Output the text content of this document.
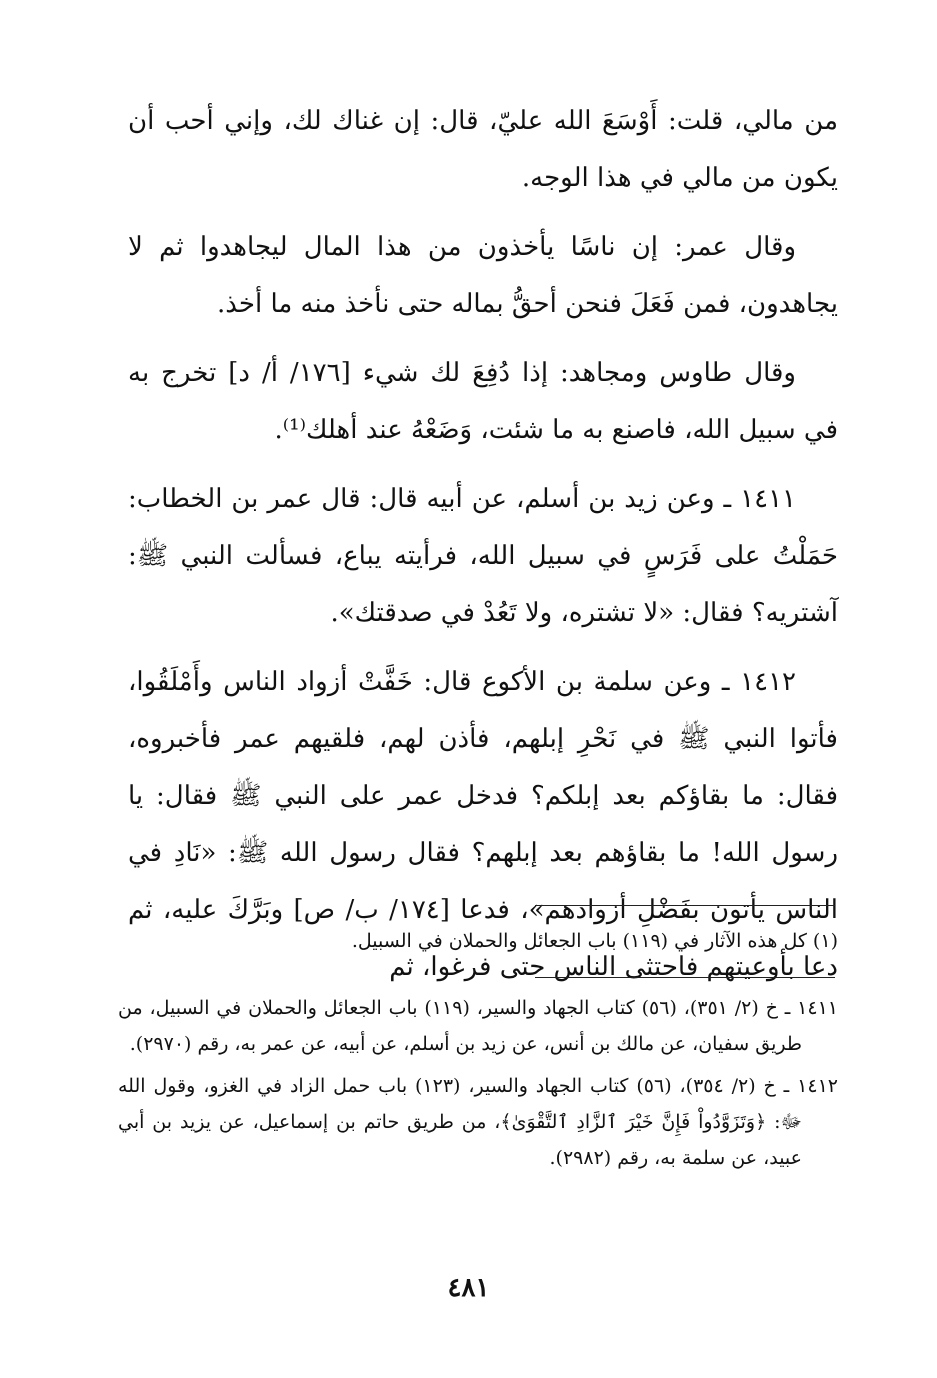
من مالي، قلت: أَوْسَعَ الله عليّ، قال: إن غناك لك، وإني أحب أن يكون من مالي في هذا الوجه.

وقال عمر: إن ناسًا يأخذون من هذا المال ليجاهدوا ثم لا يجاهدون، فمن فَعَلَ فنحن أحقُّ بماله حتى نأخذ منه ما أخذ.

وقال طاوس ومجاهد: إذا دُفِعَ لك شيء [١٧٦/ أ/ د] تخرج به في سبيل الله، فاصنع به ما شئت، وَضَعْهُ عند أهلك⁽¹⁾.

١٤١١ ـ وعن زيد بن أسلم، عن أبيه قال: قال عمر بن الخطاب: حَمَلْتُ على فَرَسٍ في سبيل الله، فرأيته يباع، فسألت النبي ﷺ: آشتريه؟ فقال: «لا تشتره، ولا تَعُدْ في صدقتك».

١٤١٢ ـ وعن سلمة بن الأكوع قال: خَفَّتْ أزواد الناس وأَمْلَقُوا، فأتوا النبي ﷺ في نَحْرِ إبلهم، فأذن لهم، فلقيهم عمر فأخبروه، فقال: ما بقاؤكم بعد إبلكم؟ فدخل عمر على النبي ﷺ فقال: يا رسول الله! ما بقاؤهم بعد إبلهم؟ فقال رسول الله ﷺ: «نَادِ في الناس يأتون بفَضْلِ أزوادهم»، فدعا [١٧٤/ ب/ ص] وبَرَّكَ عليه، ثم دعا بأوعيتهم فاحتثى الناس حتى فرغوا، ثم

(١) كل هذه الآثار في (١١٩) باب الجعائل والحملان في السبيل.

١٤١١ ـ خ (٢/ ٣٥١)، (٥٦) كتاب الجهاد والسير، (١١٩) باب الجعائل والحملان في السبيل، من طريق سفيان، عن مالك بن أنس، عن زيد بن أسلم، عن أبيه، عن عمر به، رقم (٢٩٧٠).

١٤١٢ ـ خ (٢/ ٣٥٤)، (٥٦) كتاب الجهاد والسير، (١٢٣) باب حمل الزاد في الغزو، وقول الله ﷻ: ﴿وَتَزَوَّدُواْ فَإِنَّ خَيْرَ ٱلزَّادِ ٱلتَّقْوَىٰ﴾، من طريق حاتم بن إسماعيل، عن يزيد بن أبي عبيد، عن سلمة به، رقم (٢٩٨٢).

٤٨١
